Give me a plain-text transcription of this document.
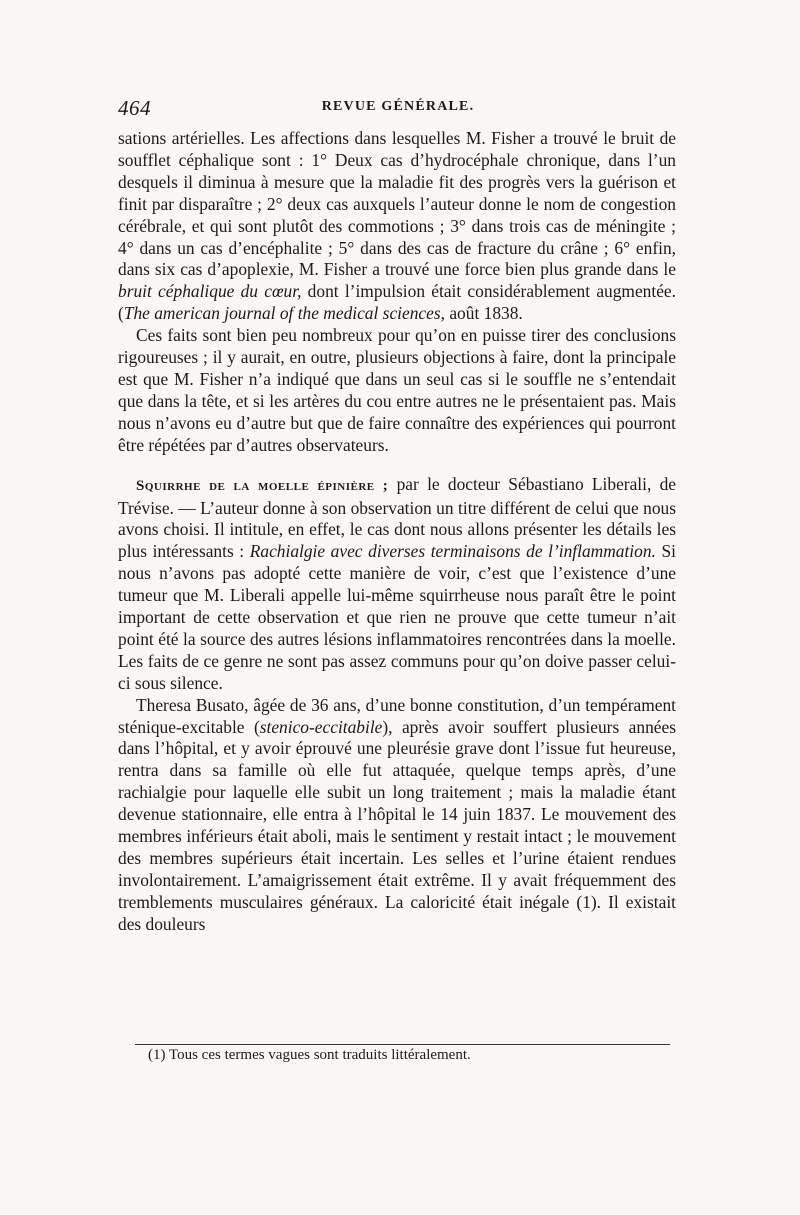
464	REVUE GÉNÉRALE.

sations artérielles. Les affections dans lesquelles M. Fisher a trouvé le bruit de soufflet céphalique sont : 1° Deux cas d’hydrocéphale chronique, dans l’un desquels il diminua à mesure que la maladie fit des progrès vers la guérison et finit par disparaître ; 2° deux cas auxquels l’auteur donne le nom de congestion cérébrale, et qui sont plutôt des commotions ; 3° dans trois cas de méningite ; 4° dans un cas d’encéphalite ; 5° dans des cas de fracture du crâne ; 6° enfin, dans six cas d’apoplexie, M. Fisher a trouvé une force bien plus grande dans le bruit céphalique du cœur, dont l’impulsion était considérablement augmentée. (The american journal of the medical sciences, août 1838.

Ces faits sont bien peu nombreux pour qu’on en puisse tirer des conclusions rigoureuses ; il y aurait, en outre, plusieurs objections à faire, dont la principale est que M. Fisher n’a indiqué que dans un seul cas si le souffle ne s’entendait que dans la tête, et si les artères du cou entre autres ne le présentaient pas. Mais nous n’avons eu d’autre but que de faire connaître des expériences qui pourront être répétées par d’autres observateurs.

Squirrhe de la moelle épinière ; par le docteur Sébastiano Liberali, de Trévise. — L’auteur donne à son observation un titre différent de celui que nous avons choisi. Il intitule, en effet, le cas dont nous allons présenter les détails les plus intéressants : Rachialgie avec diverses terminaisons de l’inflammation. Si nous n’avons pas adopté cette manière de voir, c’est que l’existence d’une tumeur que M. Liberali appelle lui-même squirrheuse nous paraît être le point important de cette observation et que rien ne prouve que cette tumeur n’ait point été la source des autres lésions inflammatoires rencontrées dans la moelle. Les faits de ce genre ne sont pas assez communs pour qu’on doive passer celui-ci sous silence.

Theresa Busato, âgée de 36 ans, d’une bonne constitution, d’un tempérament sténique-excitable (stenico-eccitabile), après avoir souffert plusieurs années dans l’hôpital, et y avoir éprouvé une pleurésie grave dont l’issue fut heureuse, rentra dans sa famille où elle fut attaquée, quelque temps après, d’une rachialgie pour laquelle elle subit un long traitement ; mais la maladie étant devenue stationnaire, elle entra à l’hôpital le 14 juin 1837. Le mouvement des membres inférieurs était aboli, mais le sentiment y restait intact ; le mouvement des membres supérieurs était incertain. Les selles et l’urine étaient rendues involontairement. L’amaigrissement était extrême. Il y avait fréquemment des tremblements musculaires généraux. La caloricité était inégale (1). Il existait des douleurs

(1) Tous ces termes vagues sont traduits littéralement.
